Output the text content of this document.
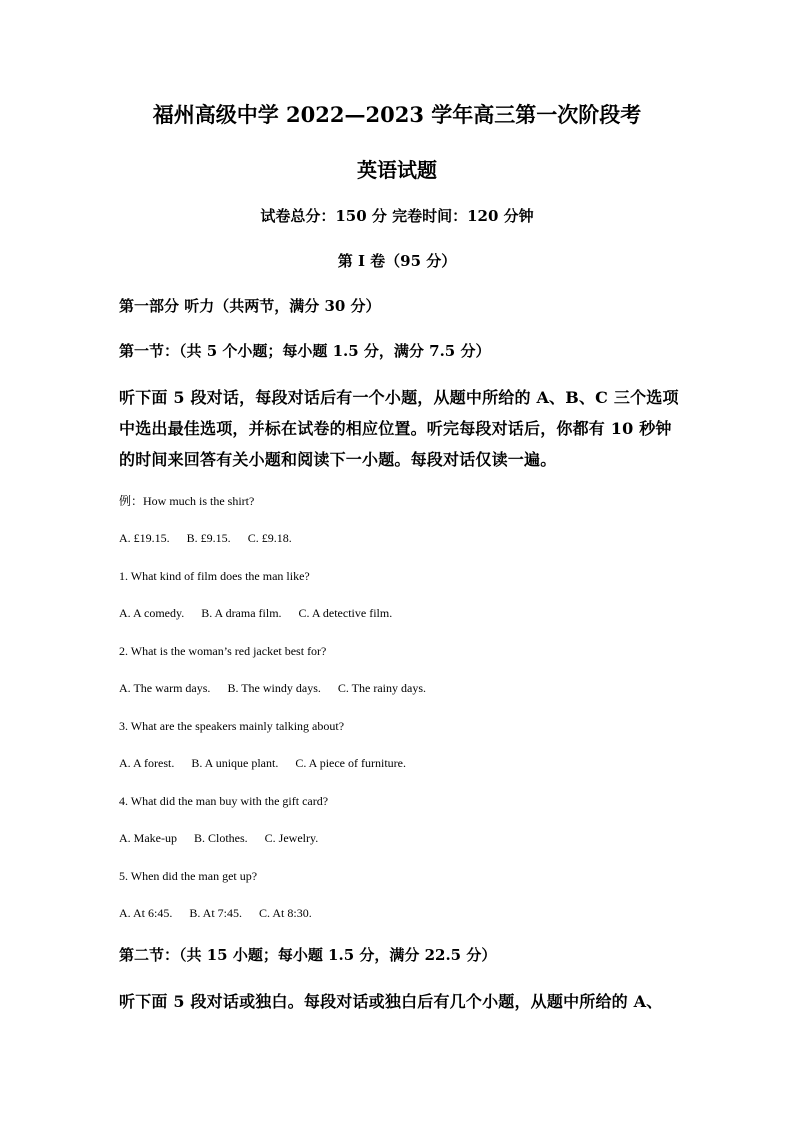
福州高级中学 2022—2023 学年高三第一次阶段考
英语试题
试卷总分：150 分 完卷时间：120 分钟
第 I 卷（95 分）
第一部分 听力（共两节，满分 30 分）
第一节：（共 5 个小题；每小题 1.5 分，满分 7.5 分）
听下面 5 段对话，每段对话后有一个小题，从题中所给的 A、B、C 三个选项
中选出最佳选项，并标在试卷的相应位置。听完每段对话后，你都有 10 秒钟
的时间来回答有关小题和阅读下一小题。每段对话仅读一遍。
例：How much is the shirt?
A. £19.15. B. £9.15. C. £9.18.
1. What kind of film does the man like?
A. A comedy. B. A drama film. C. A detective film.
2. What is the woman’s red jacket best for?
A. The warm days. B. The windy days. C. The rainy days.
3. What are the speakers mainly talking about?
A. A forest. B. A unique plant. C. A piece of furniture.
4. What did the man buy with the gift card?
A. Make-up B. Clothes. C. Jewelry.
5. When did the man get up?
A. At 6:45. B. At 7:45. C. At 8:30.
第二节：（共 15 小题；每小题 1.5 分，满分 22.5 分）
听下面 5 段对话或独白。每段对话或独白后有几个小题，从题中所给的 A、
